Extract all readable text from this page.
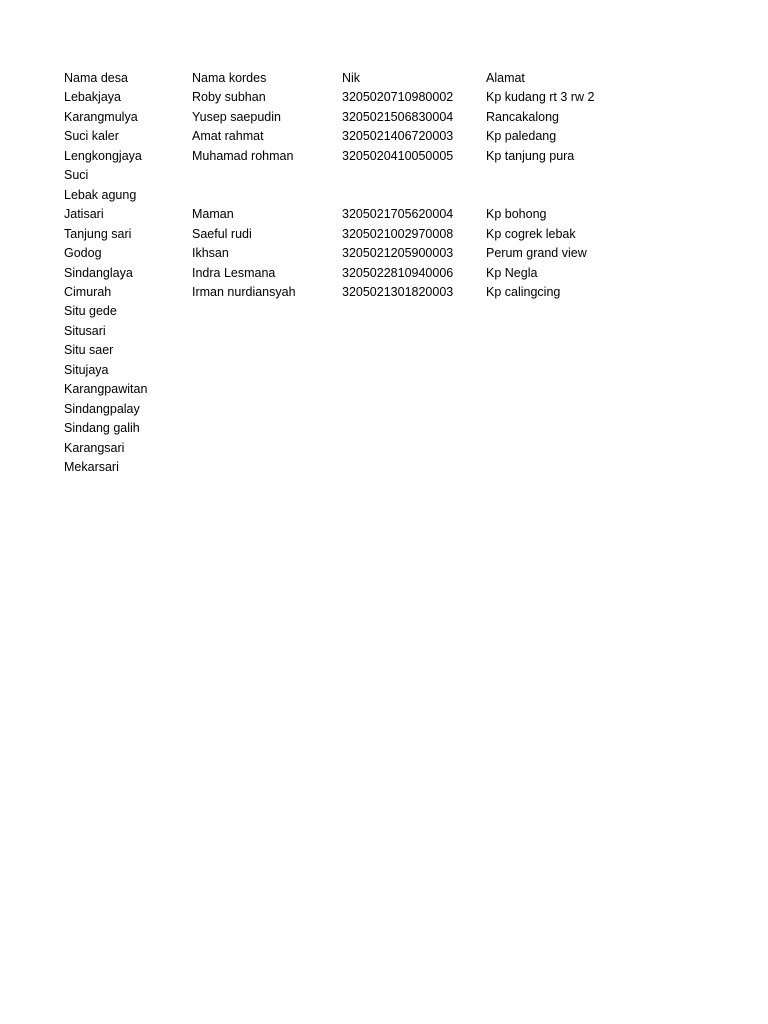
Nama desa	Nama kordes	Nik	Alamat
Lebakjaya	Roby subhan	3205020710980002	Kp kudang rt 3 rw 2
Karangmulya	Yusep saepudin	3205021506830004	Rancakalong
Suci kaler	Amat rahmat	3205021406720003	Kp paledang
Lengkongjaya	Muhamad rohman	3205020410050005	Kp tanjung pura
Suci			
Lebak agung			
Jatisari	Maman	3205021705620004	Kp bohong
Tanjung sari	Saeful rudi	3205021002970008	Kp cogrek lebak
Godog	Ikhsan	3205021205900003	Perum grand view
Sindanglaya	Indra Lesmana	3205022810940006	Kp Negla
Cimurah	Irman nurdiansyah	3205021301820003	Kp calingcing
Situ gede			
Situsari			
Situ saer			
Situjaya			
Karangpawitan			
Sindangpalay			
Sindang galih			
Karangsari			
Mekarsari			
